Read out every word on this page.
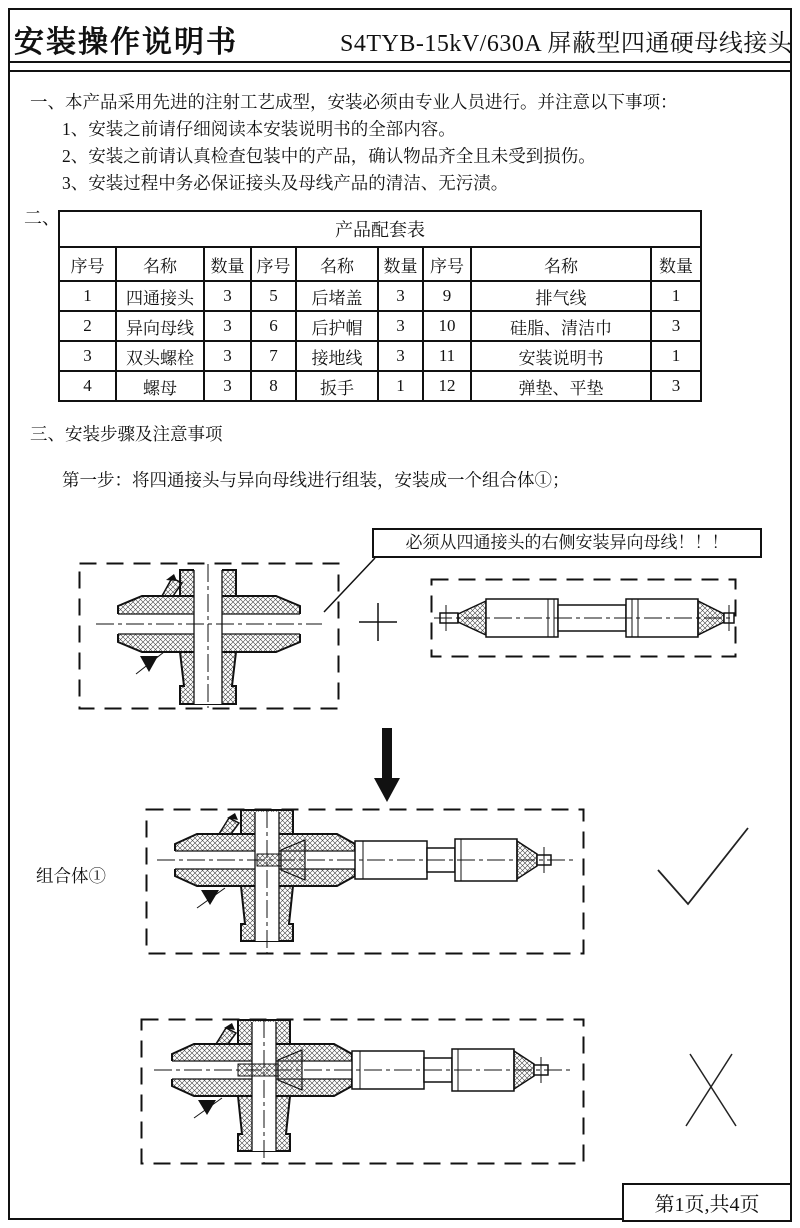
安装操作说明书	S4TYB-15kV/630A 屏蔽型四通硬母线接头
一、本产品采用先进的注射工艺成型，安装必须由专业人员进行。并注意以下事项：
1、安装之前请仔细阅读本安装说明书的全部内容。
2、安装之前请认真检查包装中的产品，确认物品齐全且未受到损伤。
3、安装过程中务必保证接头及母线产品的清洁、无污渍。
二、
产品配套表								
序号	名称	数量	序号	名称	数量	序号	名称	数量
1	四通接头	3	5	后堵盖	3	9	排气线	1
2	异向母线	3	6	后护帽	3	10	硅脂、清洁巾	3
3	双头螺栓	3	7	接地线	3	11	安装说明书	1
4	螺母	3	8	扳手	1	12	弹垫、平垫	3
三、安装步骤及注意事项
第一步：将四通接头与异向母线进行组装，安装成一个组合体①；
必须从四通接头的右侧安装异向母线！！！
组合体①
第1页,共4页
